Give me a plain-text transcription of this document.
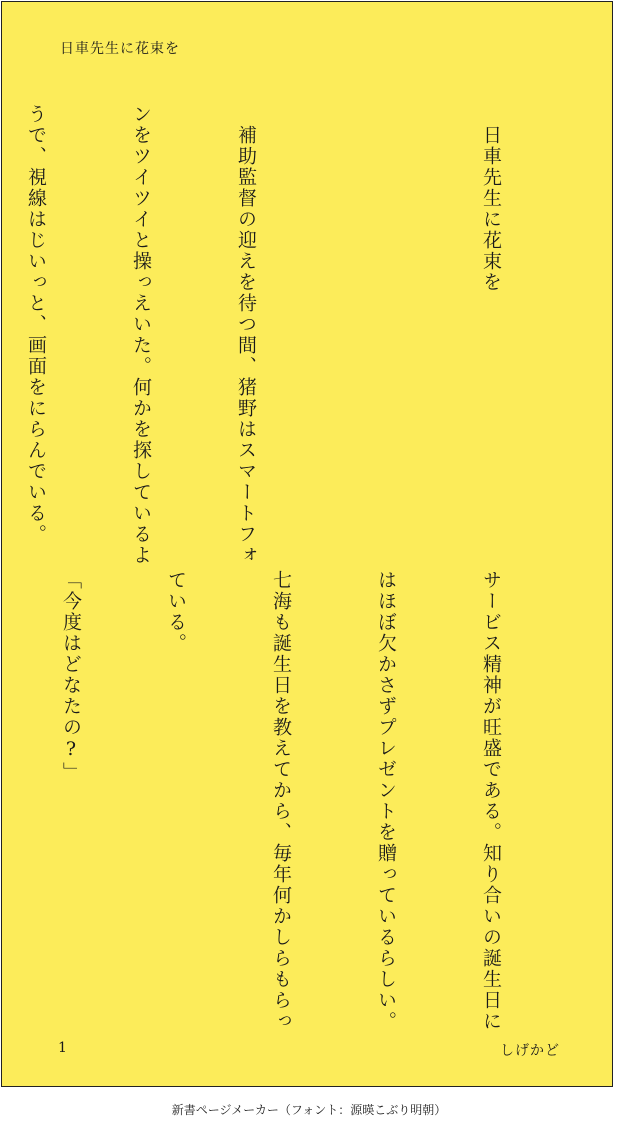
日車先生に花束を

　日車先生に花束を

　補助監督の迎えを待つ間、猪野はスマートフォ

ンをツイツイと操っえいた。何かを探しているよ

うで、視線はじいっと、画面をにらんでいる。

サービス精神が旺盛である。知り合いの誕生日に

はほぼ欠かさずプレゼントを贈っているらしい。

七海も誕生日を教えてから、毎年何かしらもらっ

ている。

「今度はどなたの?」

1	しげかど
新書ページメーカー（フォント：源暎こぶり明朝）
